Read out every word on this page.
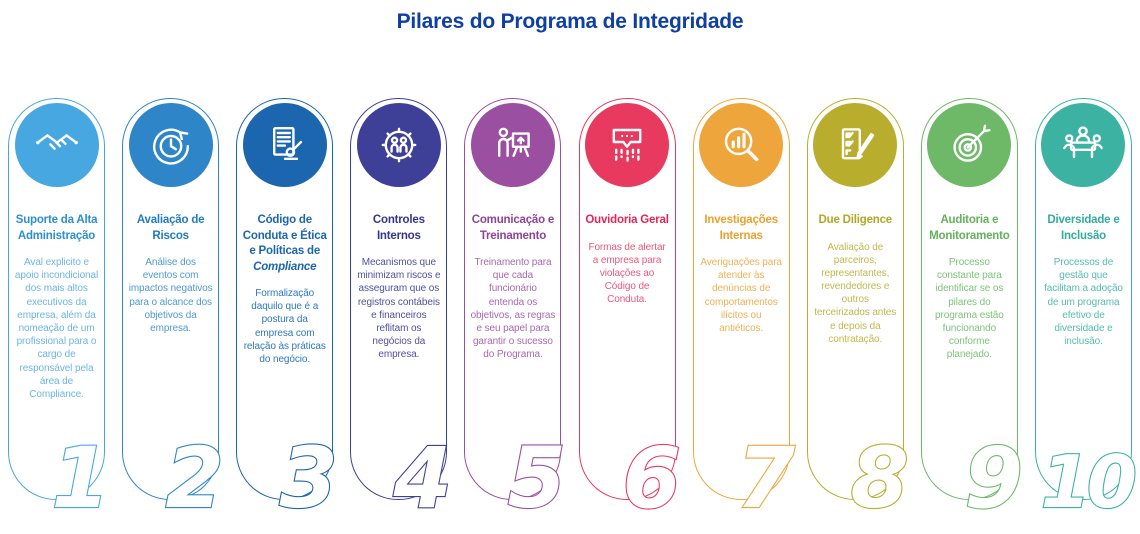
Pilares do Programa de Integridade
Suporte da Alta Administração
Aval explicito e apoio incondicional dos mais altos executivos da empresa, além da nomeação de um profissional para o cargo de responsável pela área de Compliance.
1
Avaliação de Riscos
Análise dos eventos com impactos negativos para o alcance dos objetivos da empresa.
2
Código de Conduta e Ética e Políticas de Compliance
Formalização daquilo que é a postura da empresa com relação às práticas do negócio.
3
Controles Internos
Mecanismos que minimizam riscos e asseguram que os registros contábeis e financeiros reflitam os negócios da empresa.
4
Comunicação e Treinamento
Treinamento para que cada funcionário entenda os objetivos, as regras e seu papel para garantir o sucesso do Programa.
5
Ouvidoria Geral
Formas de alertar a empresa para violações ao Código de Conduta.
6
Investigações Internas
Averiguações para atender às denúncias de comportamentos ilícitos ou antiéticos.
7
Due Diligence
Avaliação de parceiros, representantes, revendedores e outros terceirizados antes e depois da contratação.
8
Auditoria e Monitoramento
Processo constante para identificar se os pilares do programa estão funcionando conforme planejado.
9
Diversidade e Inclusão
Processos de gestão que facilitam a adoção de um programa efetivo de diversidade e inclusão.
10
